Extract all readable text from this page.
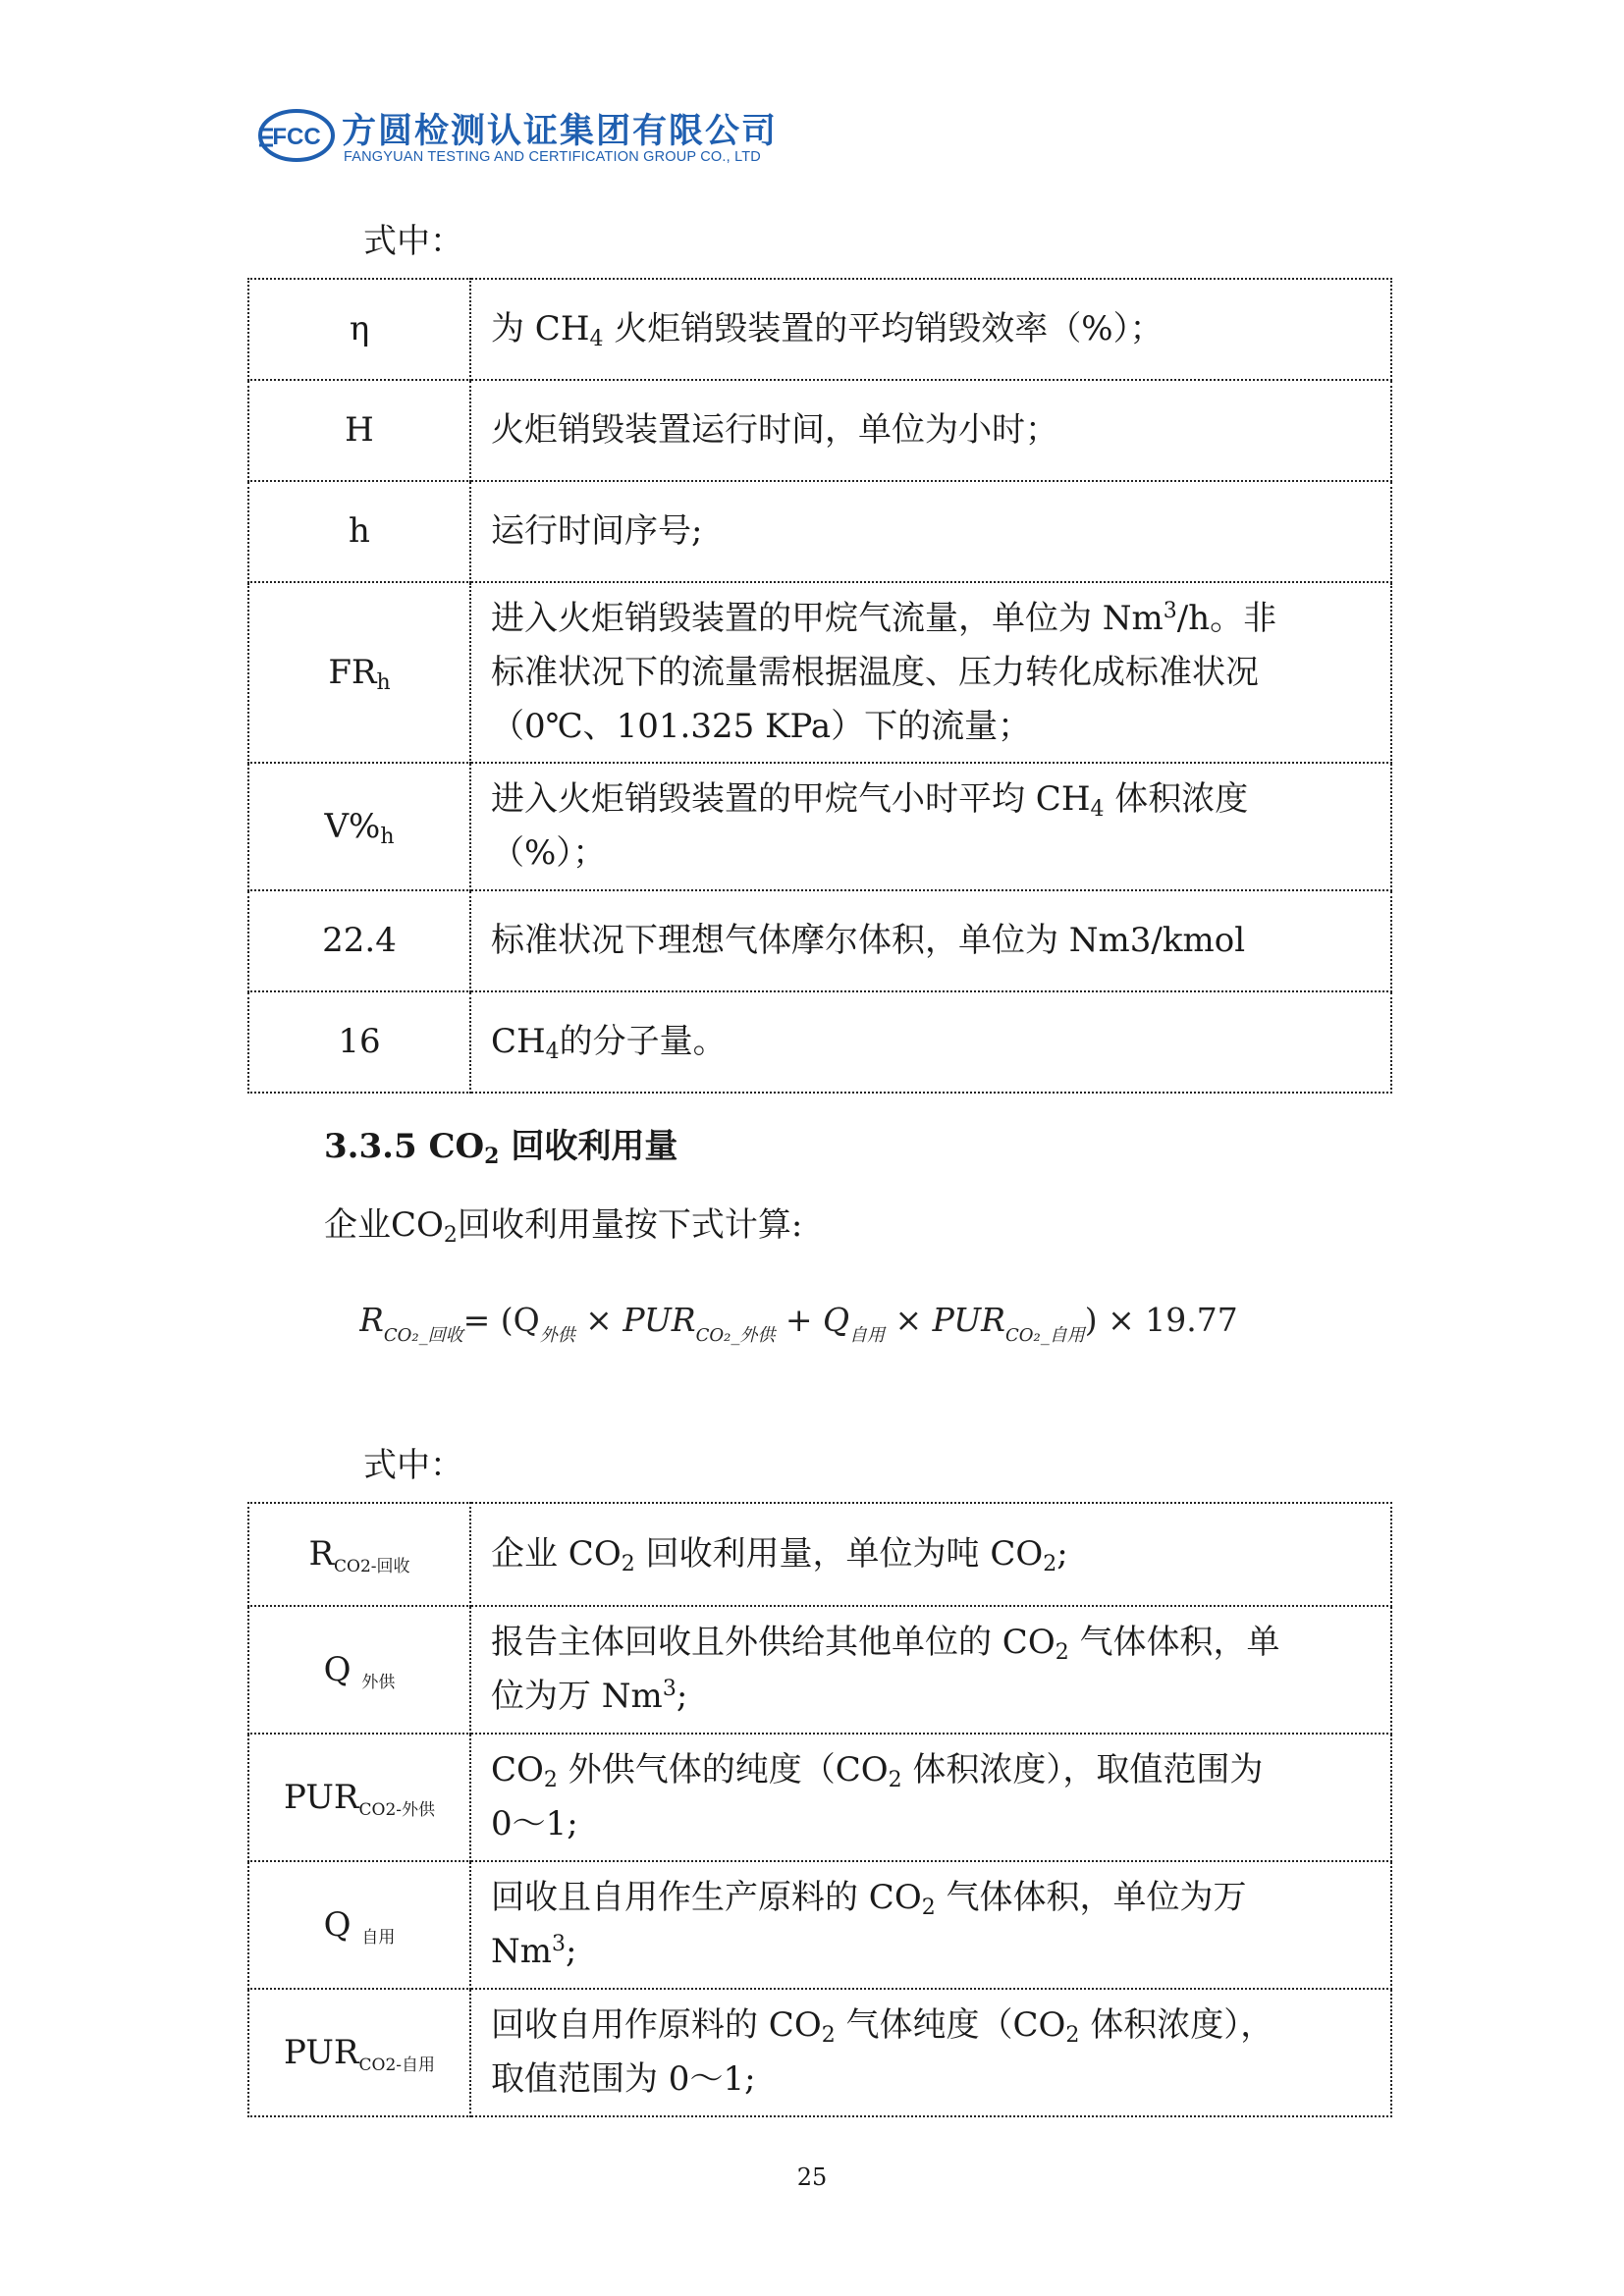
FCC 方圆检测认证集团有限公司
FANGYUAN TESTING AND CERTIFICATION GROUP CO., LTD
式中：
η	为 $CH_4$ 火炬销毁装置的平均销毁效率（%）；
H	火炬销毁装置运行时间，单位为小时；
h	运行时间序号;
$FR_h$	进入火炬销毁装置的甲烷气流量，单位为 Nm$^3$/h。非
标准状况下的流量需根据温度、压力转化成标准状况
（0℃、101.325 KPa）下的流量；
$V\%_h$	进入火炬销毁装置的甲烷气小时平均 $CH_4$ 体积浓度
（%）；
22.4	标准状况下理想气体摩尔体积，单位为 Nm3/kmol
16	$CH_4$的分子量。
3.3.5 $CO_2$ 回收利用量
企业$CO_2$回收利用量按下式计算:
$R_{CO_2\_回收}= (Q_{外供} \times PUR_{CO_2\_外供} + Q_{自用} \times PUR_{CO_2\_自用}) \times 19.77$
式中：
$R_{CO2-回收}$	企业 $CO_2$ 回收利用量，单位为吨 $CO_2$;
Q $_{外供}$	报告主体回收且外供给其他单位的 $CO_2$ 气体体积，单
位为万 Nm$^3$;
$PUR_{CO2-外供}$	$CO_2$ 外供气体的纯度（$CO_2$ 体积浓度），取值范围为
0～1;
Q $_{自用}$	回收且自用作生产原料的 $CO_2$ 气体体积，单位为万
Nm$^3$;
$PUR_{CO2-自用}$	回收自用作原料的 $CO_2$ 气体纯度（$CO_2$ 体积浓度），
取值范围为 0～1;
25
